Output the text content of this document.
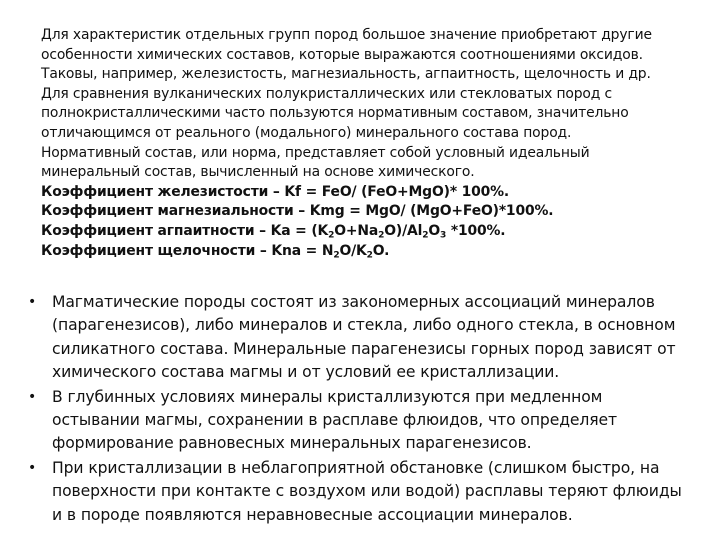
Для характеристик отдельных групп пород большое значение приобретают другие
особенности химических составов, которые выражаются соотношениями оксидов.
Таковы, например, железистость, магнезиальность, агпаитность, щелочность и др.
Для сравнения вулканических полукристаллических или стекловатых пород с
полнокристаллическими часто пользуются нормативным составом, значительно
отличающимся от реального (модального) минерального состава пород.
Нормативный состав, или норма, представляет собой условный идеальный
минеральный состав, вычисленный на основе химического.
Коэффициент железистости – Kf = FeO/ (FeO+MgO)* 100%.
Коэффициент магнезиальности – Kmg = MgO/ (MgO+FeO)*100%.
Коэффициент агпаитности – $Ka = (K_2O+Na_2O)/Al_2O_3$ *100%.
Коэффициент щелочности – Kna = $N_2O/K_2O$.
• Магматические породы состоят из закономерных ассоциаций минералов
(парагенезисов), либо минералов и стекла, либо одного стекла, в основном
силикатного состава. Минеральные парагенезисы горных пород зависят от
химического состава магмы и от условий ее кристаллизации.
• В глубинных условиях минералы кристаллизуются при медленном
остывании магмы, сохранении в расплаве флюидов, что определяет
формирование равновесных минеральных парагенезисов.
• При кристаллизации в неблагоприятной обстановке (слишком быстро, на
поверхности при контакте с воздухом или водой) расплавы теряют флюиды
и в породе появляются неравновесные ассоциации минералов.
